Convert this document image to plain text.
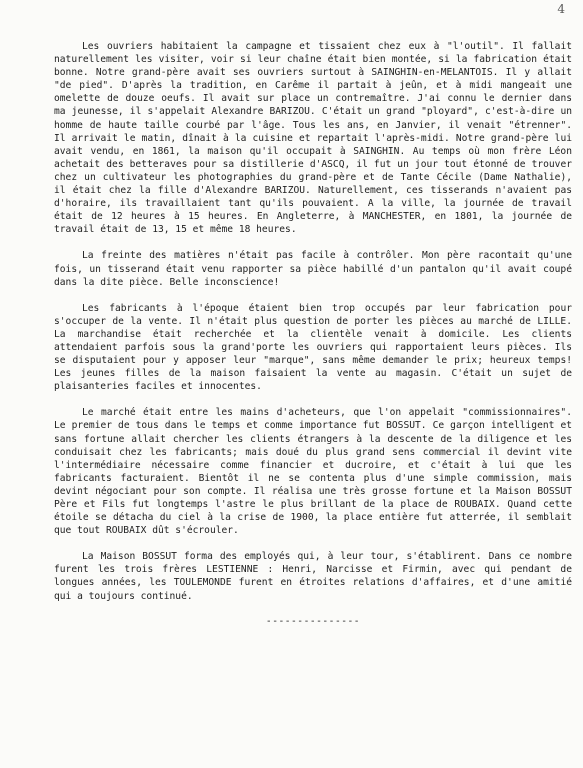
4

Les ouvriers habitaient la campagne et tissaient chez eux à "l'outil". Il fallait naturellement les visiter, voir si leur chaîne était bien montée, si la fabrication était bonne. Notre grand-père avait ses ouvriers surtout à SAINGHIN-en-MELANTOIS. Il y allait "de pied". D'après la tradition, en Carême il partait à jeûn, et à midi mangeait une omelette de douze oeufs. Il avait sur place un contremaître. J'ai connu le dernier dans ma jeunesse, il s'appelait Alexandre BARIZOU. C'était un grand "ployard", c'est-à-dire un homme de haute taille courbé par l'âge. Tous les ans, en Janvier, il venait "étrenner". Il arrivait le matin, dînait à la cuisine et repartait l'après-midi. Notre grand-père lui avait vendu, en 1861, la maison qu'il occupait à SAINGHIN. Au temps où mon frère Léon achetait des betteraves pour sa distillerie d'ASCQ, il fut un jour tout étonné de trouver chez un cultivateur les photographies du grand-père et de Tante Cécile (Dame Nathalie), il était chez la fille d'Alexandre BARIZOU. Naturellement, ces tisserands n'avaient pas d'horaire, ils travaillaient tant qu'ils pouvaient. A la ville, la journée de travail était de 12 heures à 15 heures. En Angleterre, à MANCHESTER, en 1801, la journée de travail était de 13, 15 et même 18 heures.

La freinte des matières n'était pas facile à contrôler. Mon père racontait qu'une fois, un tisserand était venu rapporter sa pièce habillé d'un pantalon qu'il avait coupé dans la dite pièce. Belle inconscience!

Les fabricants à l'époque étaient bien trop occupés par leur fabrication pour s'occuper de la vente. Il n'était plus question de porter les pièces au marché de LILLE. La marchandise était recherchée et la clientèle venait à domicile. Les clients attendaient parfois sous la grand'porte les ouvriers qui rapportaient leurs pièces. Ils se disputaient pour y apposer leur "marque", sans même demander le prix; heureux temps! Les jeunes filles de la maison faisaient la vente au magasin. C'était un sujet de plaisanteries faciles et innocentes.

Le marché était entre les mains d'acheteurs, que l'on appelait "commissionnaires". Le premier de tous dans le temps et comme importance fut BOSSUT. Ce garçon intelligent et sans fortune allait chercher les clients étrangers à la descente de la diligence et les conduisait chez les fabricants; mais doué du plus grand sens commercial il devint vite l'intermédiaire nécessaire comme financier et ducroire, et c'était à lui que les fabricants facturaient. Bientôt il ne se contenta plus d'une simple commission, mais devint négociant pour son compte. Il réalisa une très grosse fortune et la Maison BOSSUT Père et Fils fut longtemps l'astre le plus brillant de la place de ROUBAIX. Quand cette étoile se détacha du ciel à la crise de 1900, la place entière fut atterrée, il semblait que tout ROUBAIX dût s'écrouler.

La Maison BOSSUT forma des employés qui, à leur tour, s'établirent. Dans ce nombre furent les trois frères LESTIENNE : Henri, Narcisse et Firmin, avec qui pendant de longues années, les TOULEMONDE furent en étroites relations d'affaires, et d'une amitié qui a toujours continué.

---------------
